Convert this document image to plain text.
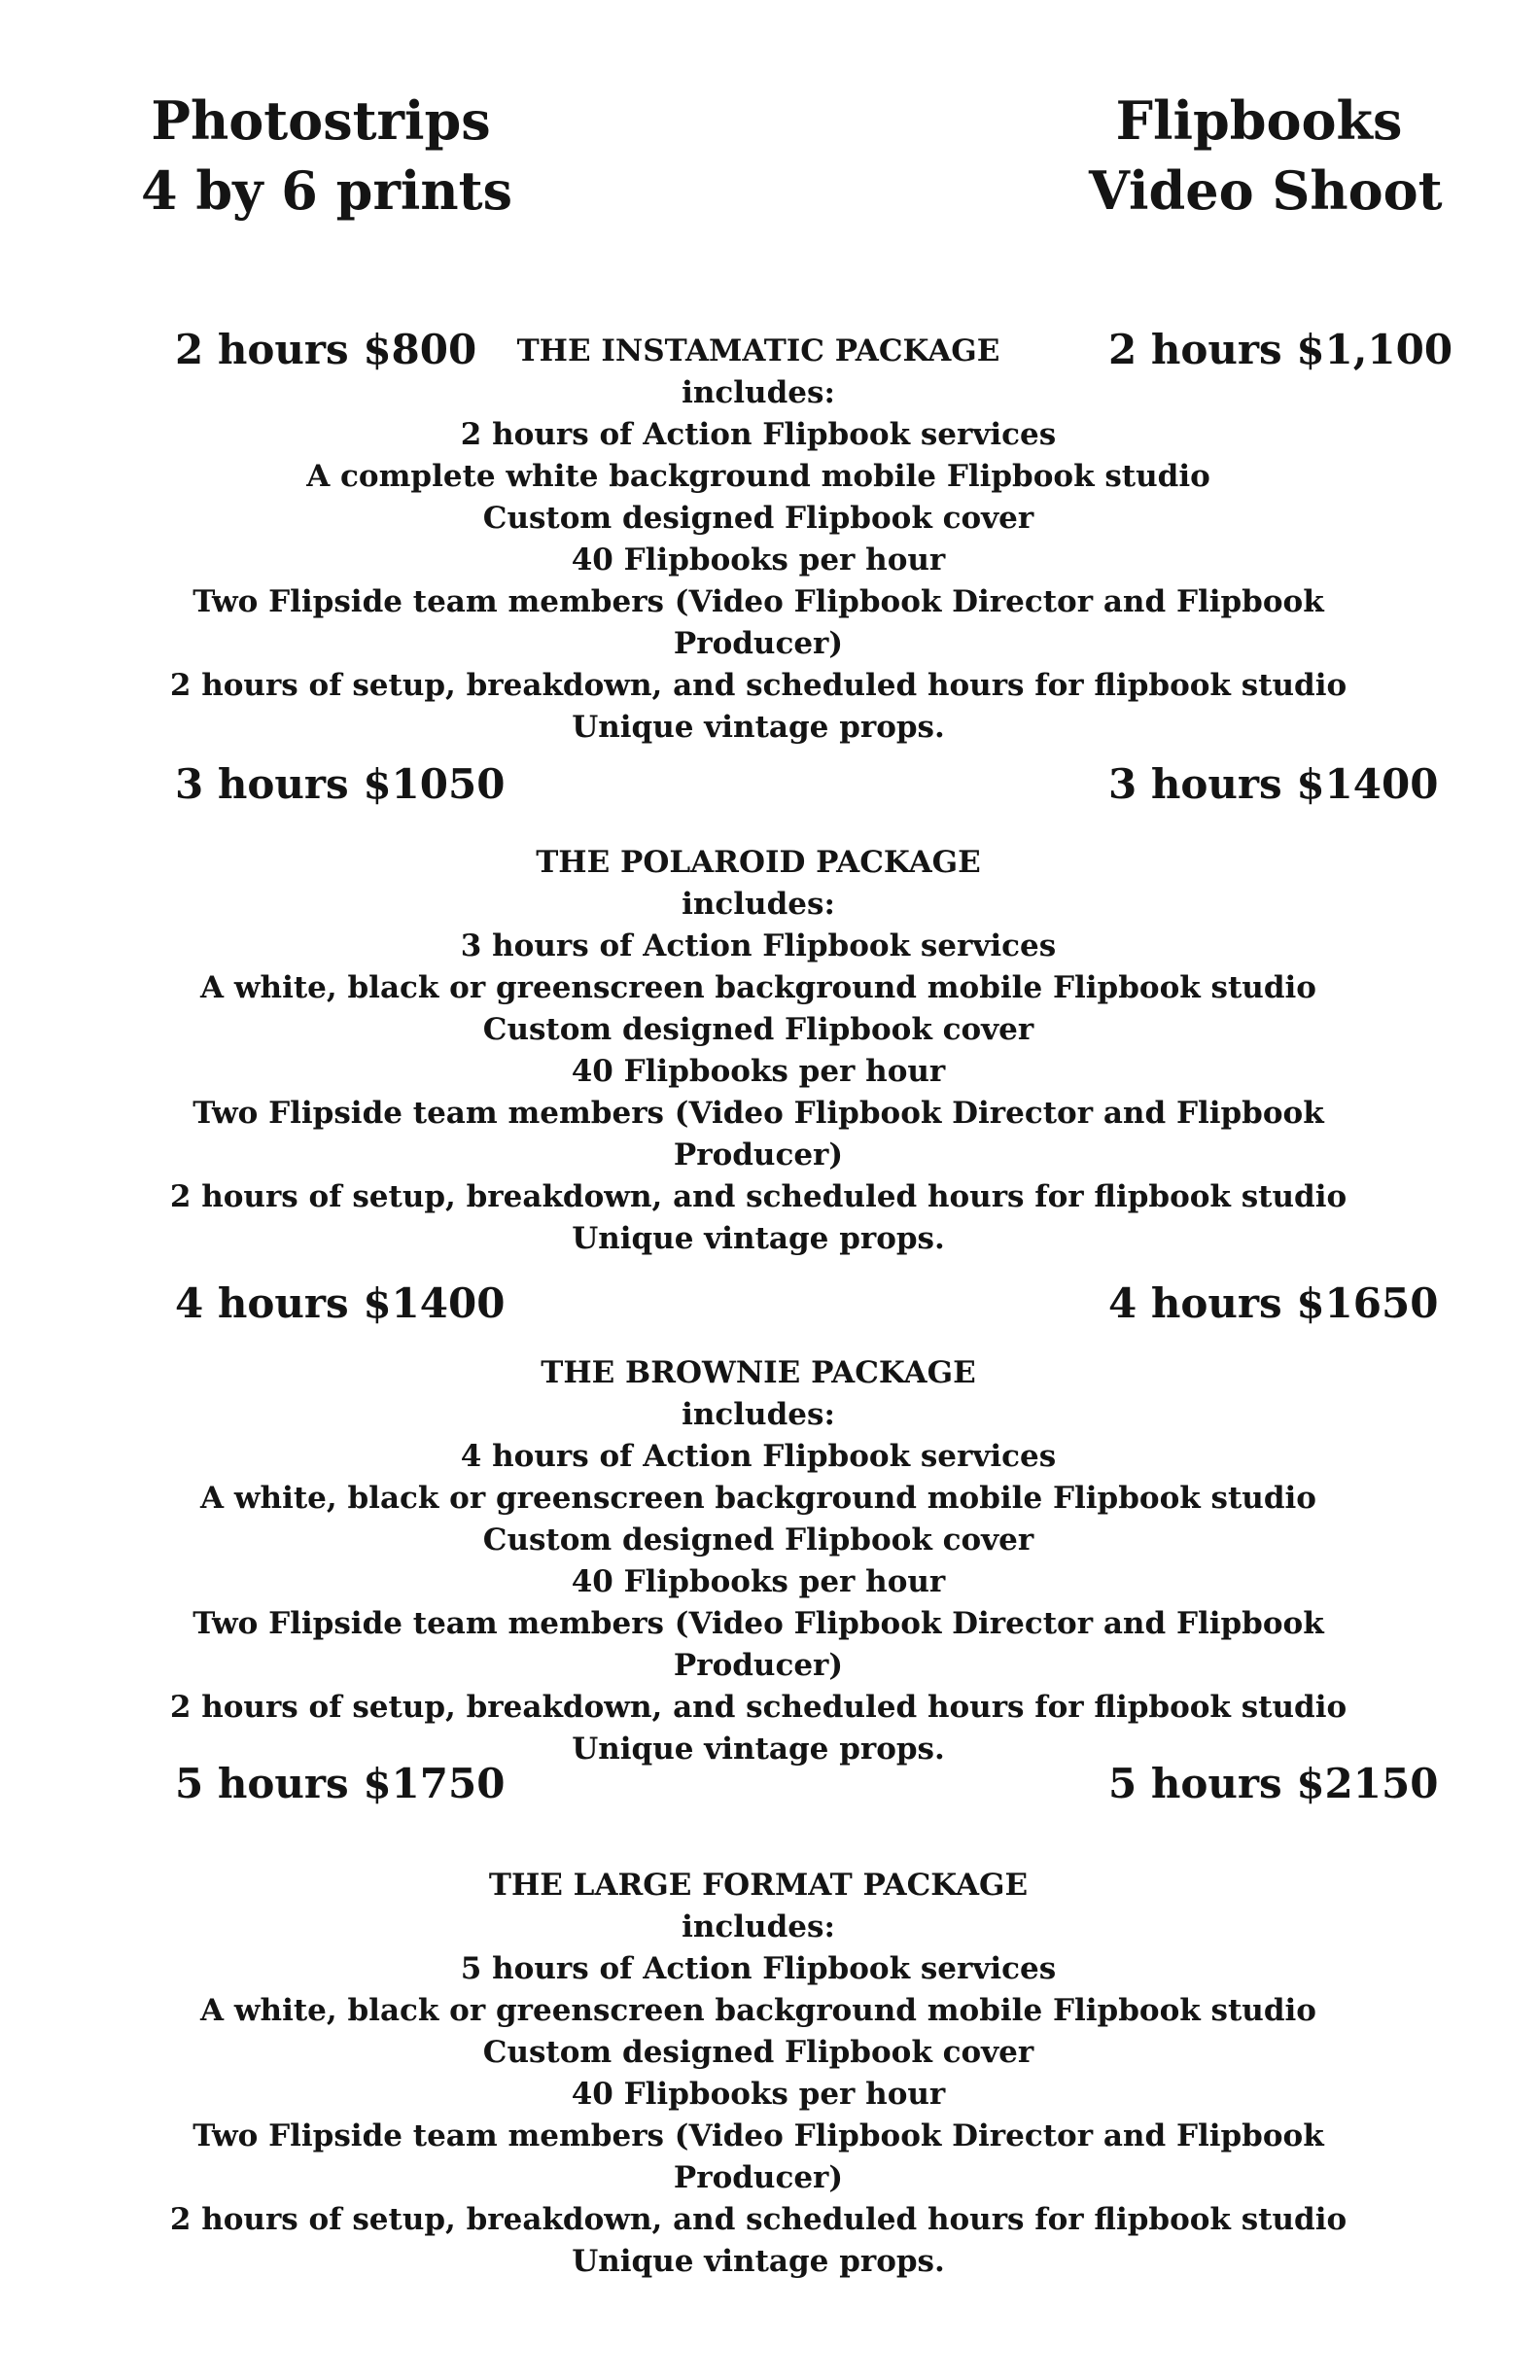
Photostrips
4 by 6 prints
Flipbooks
Video Shoot
2 hours $800	2 hours $1,100
THE INSTAMATIC PACKAGE
includes:
2 hours of Action Flipbook services
A complete white background mobile Flipbook studio
Custom designed Flipbook cover
40 Flipbooks per hour
Two Flipside team members (Video Flipbook Director and Flipbook
Producer)
2 hours of setup, breakdown, and scheduled hours for flipbook studio
Unique vintage props.
3 hours $1050	3 hours $1400
THE POLAROID PACKAGE
includes:
3 hours of Action Flipbook services
A white, black or greenscreen background mobile Flipbook studio
Custom designed Flipbook cover
40 Flipbooks per hour
Two Flipside team members (Video Flipbook Director and Flipbook
Producer)
2 hours of setup, breakdown, and scheduled hours for flipbook studio
Unique vintage props.
4 hours $1400	4 hours $1650
THE BROWNIE PACKAGE
includes:
4 hours of Action Flipbook services
A white, black or greenscreen background mobile Flipbook studio
Custom designed Flipbook cover
40 Flipbooks per hour
Two Flipside team members (Video Flipbook Director and Flipbook
Producer)
2 hours of setup, breakdown, and scheduled hours for flipbook studio
Unique vintage props.
5 hours $1750	5 hours $2150
THE LARGE FORMAT PACKAGE
includes:
5 hours of Action Flipbook services
A white, black or greenscreen background mobile Flipbook studio
Custom designed Flipbook cover
40 Flipbooks per hour
Two Flipside team members (Video Flipbook Director and Flipbook
Producer)
2 hours of setup, breakdown, and scheduled hours for flipbook studio
Unique vintage props.
